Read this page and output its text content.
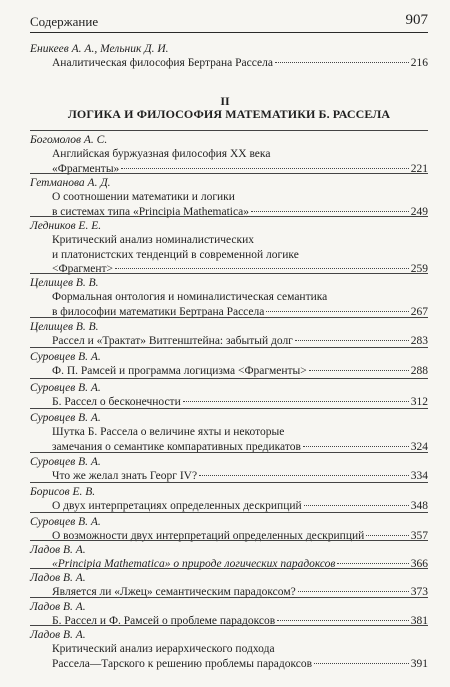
Содержание	907

Еникеев А. А., Мельник Д. И.

Аналитическая философия Бертрана Рассела	216
II
ЛОГИКА И ФИЛОСОФИЯ МАТЕМАТИКИ Б. РАССЕЛА

Богомолов А. С.

Английская буржуазная философия XX века
«Фрагменты»	221

Гетманова А. Д.

О соотношении математики и логики
в системах типа «Principia Mathematica»	249

Ледников Е. Е.

Критический анализ номиналистических
и платонистских тенденций в современной логике
<Фрагмент>	259

Целищев В. В.

Формальная онтология и номиналистическая семантика
в философии математики Бертрана Рассела	267

Целищев В. В.

Рассел и «Трактат» Витгенштейна: забытый долг	283

Суровцев В. А.

Ф. П. Рамсей и программа логицизма <Фрагменты>	288

Суровцев В. А.

Б. Рассел о бесконечности	312

Суровцев В. А.

Шутка Б. Рассела о величине яхты и некоторые
замечания о семантике компаративных предикатов	324

Суровцев В. А.

Что же желал знать Георг IV?	334

Борисов Е. В.

О двух интерпретациях определенных дескрипций	348

Суровцев В. А.

О возможности двух интерпретаций определенных дескрипций	357

Ладов В. А.

«Principia Mathematica» о природе логических парадоксов	366

Ладов В. А.

Является ли «Лжец» семантическим парадоксом?	373

Ладов В. А.

Б. Рассел и Ф. Рамсей о проблеме парадоксов	381

Ладов В. А.

Критический анализ иерархического подхода
Рассела—Тарского к решению проблемы парадоксов	391
